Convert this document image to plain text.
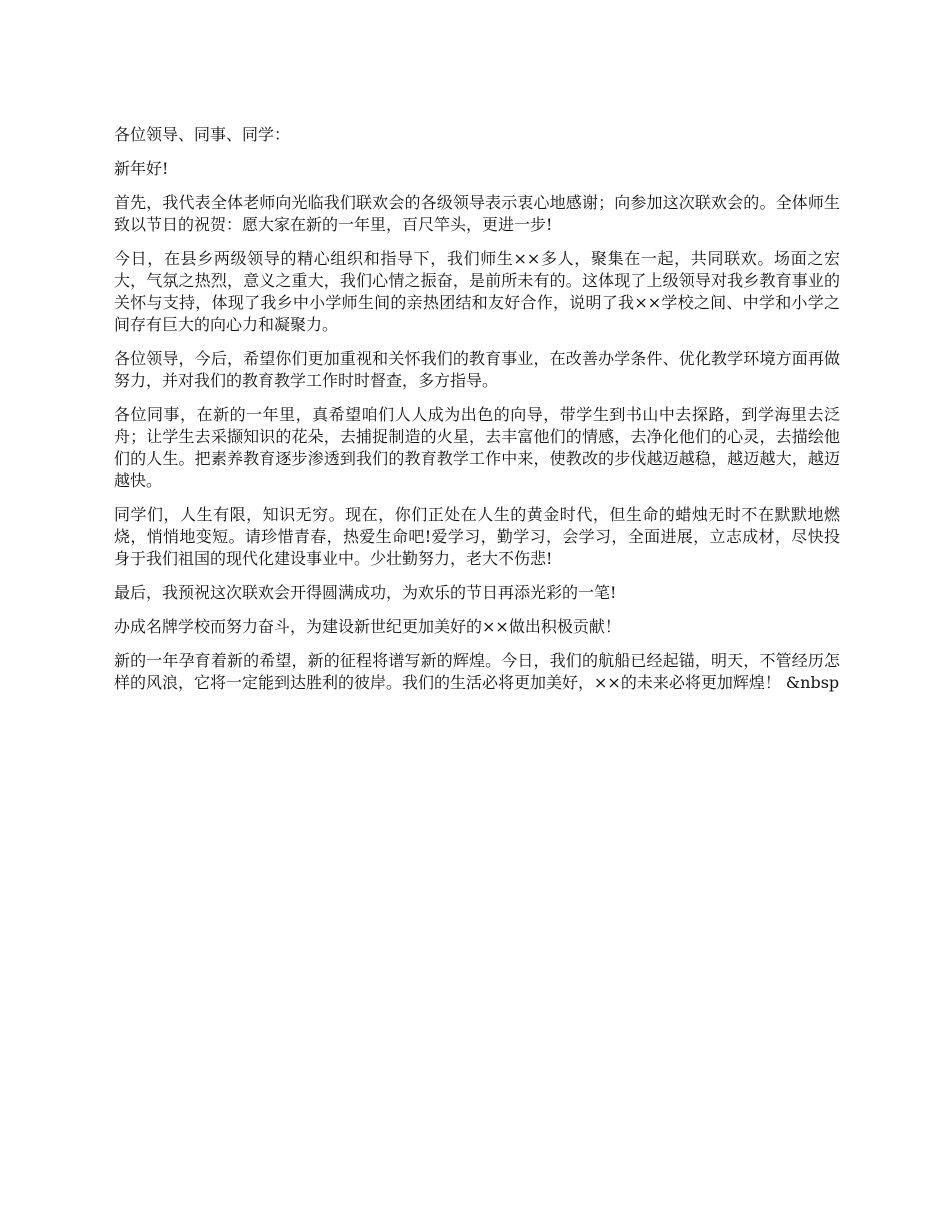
各位领导、同事、同学：

新年好!

首先，我代表全体老师向光临我们联欢会的各级领导表示衷心地感谢；向参加这次联欢会的。全体师生致以节日的祝贺：愿大家在新的一年里，百尺竿头，更进一步!

今日，在县乡两级领导的精心组织和指导下，我们师生××多人，聚集在一起，共同联欢。场面之宏大，气氛之热烈，意义之重大，我们心情之振奋，是前所未有的。这体现了上级领导对我乡教育事业的关怀与支持，体现了我乡中小学师生间的亲热团结和友好合作，说明了我××学校之间、中学和小学之间存有巨大的向心力和凝聚力。

各位领导，今后，希望你们更加重视和关怀我们的教育事业，在改善办学条件、优化教学环境方面再做努力，并对我们的教育教学工作时时督查，多方指导。

各位同事，在新的一年里，真希望咱们人人成为出色的向导，带学生到书山中去探路，到学海里去泛舟；让学生去采撷知识的花朵，去捕捉制造的火星，去丰富他们的情感，去净化他们的心灵，去描绘他们的人生。把素养教育逐步渗透到我们的教育教学工作中来，使教改的步伐越迈越稳，越迈越大，越迈越快。

同学们，人生有限，知识无穷。现在，你们正处在人生的黄金时代，但生命的蜡烛无时不在默默地燃烧，悄悄地变短。请珍惜青春，热爱生命吧!爱学习，勤学习，会学习，全面进展，立志成材，尽快投身于我们祖国的现代化建设事业中。少壮勤努力，老大不伤悲!

最后，我预祝这次联欢会开得圆满成功，为欢乐的节日再添光彩的一笔!

办成名牌学校而努力奋斗，为建设新世纪更加美好的××做出积极贡献！

新的一年孕育着新的希望，新的征程将谱写新的辉煌。今日，我们的航船已经起锚，明天，不管经历怎样的风浪，它将一定能到达胜利的彼岸。我们的生活必将更加美好，××的未来必将更加辉煌！ &nbsp
